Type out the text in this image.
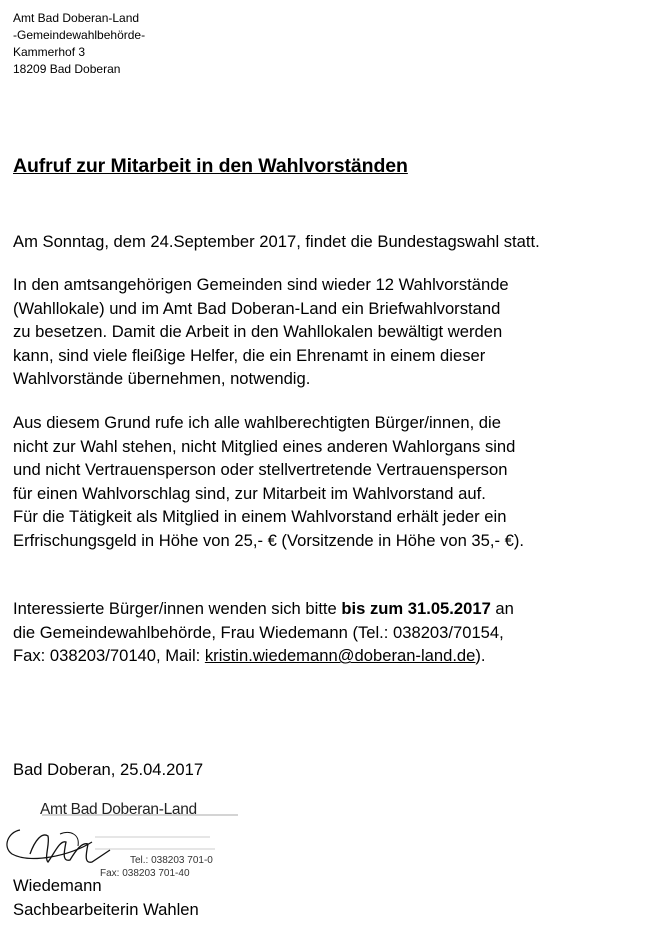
Amt Bad Doberan-Land
-Gemeindewahlbehörde-
Kammerhof 3
18209 Bad Doberan
Aufruf zur Mitarbeit in den Wahlvorständen
Am Sonntag, dem 24.September 2017, findet die Bundestagswahl statt.
In den amtsangehörigen Gemeinden sind wieder 12 Wahlvorstände
(Wahllokale) und im Amt Bad Doberan-Land ein Briefwahlvorstand
zu besetzen. Damit die Arbeit in den Wahllokalen bewältigt werden
kann, sind viele fleißige Helfer, die ein Ehrenamt in einem dieser
Wahlvorstände übernehmen, notwendig.
Aus diesem Grund rufe ich alle wahlberechtigten Bürger/innen, die
nicht zur Wahl stehen, nicht Mitglied eines anderen Wahlorgans sind
und nicht Vertrauensperson oder stellvertretende Vertrauensperson
für einen Wahlvorschlag sind, zur Mitarbeit im Wahlvorstand auf.
Für die Tätigkeit als Mitglied in einem Wahlvorstand erhält jeder ein
Erfrischungsgeld in Höhe von 25,- € (Vorsitzende in Höhe von 35,- €).
Interessierte Bürger/innen wenden sich bitte bis zum 31.05.2017 an
die Gemeindewahlbehörde, Frau Wiedemann (Tel.: 038203/70154,
Fax: 038203/70140, Mail: kristin.wiedemann@doberan-land.de).
Bad Doberan, 25.04.2017
Amt Bad Doberan-Land
Tel.: 038203 701-0
Fax: 038203 701-40
Wiedemann
Sachbearbeiterin Wahlen
